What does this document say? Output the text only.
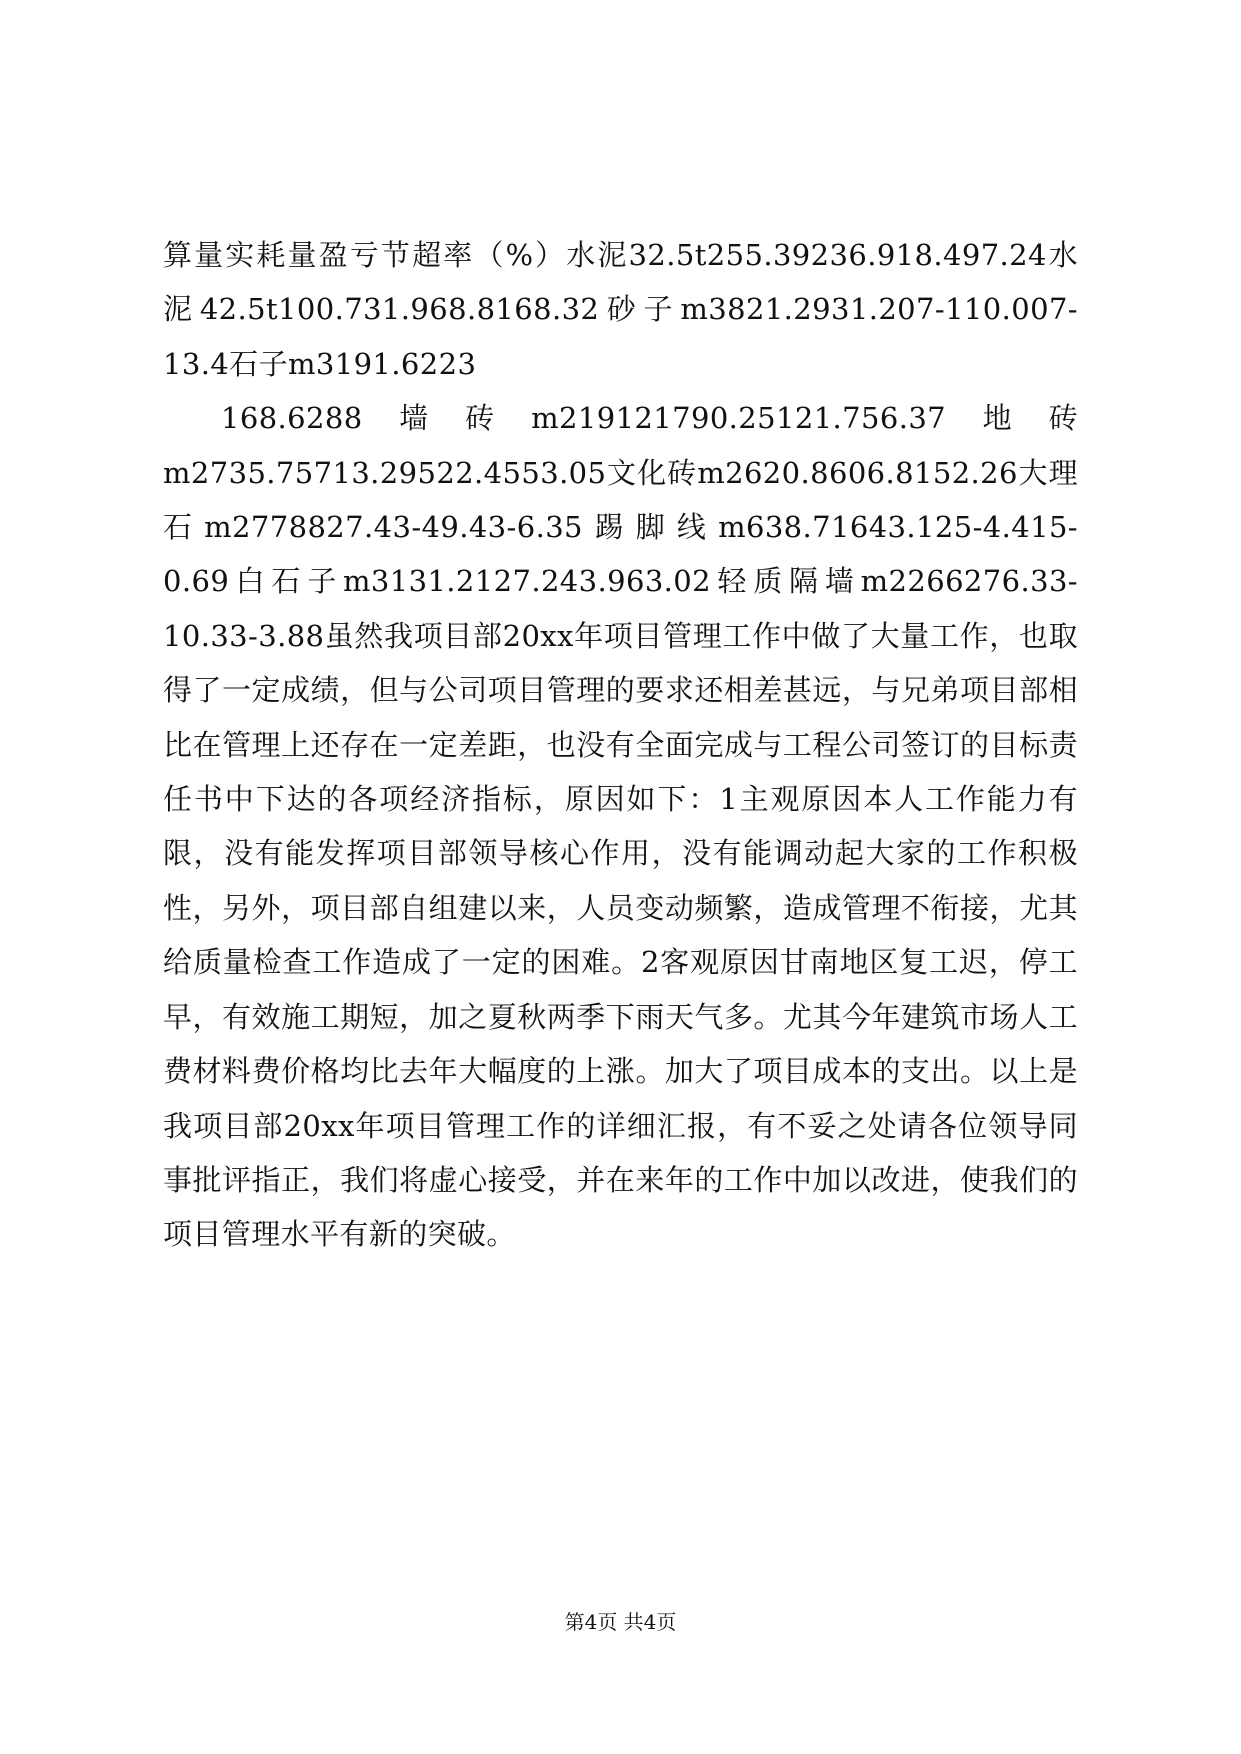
算量实耗量盈亏节超率（%）水泥32.5t255.39236.918.497.24水泥42.5t100.731.968.8168.32砂子m3821.2931.207-110.007-13.4石子m3191.6223

168.6288墙砖m219121790.25121.756.37地砖m2735.75713.29522.4553.05文化砖m2620.8606.8152.26大理石m2778827.43-49.43-6.35踢脚线m638.71643.125-4.415-0.69白石子m3131.2127.243.963.02轻质隔墙m2266276.33-10.33-3.88虽然我项目部20xx年项目管理工作中做了大量工作，也取得了一定成绩，但与公司项目管理的要求还相差甚远，与兄弟项目部相比在管理上还存在一定差距，也没有全面完成与工程公司签订的目标责任书中下达的各项经济指标，原因如下：1主观原因本人工作能力有限，没有能发挥项目部领导核心作用，没有能调动起大家的工作积极性，另外，项目部自组建以来，人员变动频繁，造成管理不衔接，尤其给质量检查工作造成了一定的困难。2客观原因甘南地区复工迟，停工早，有效施工期短，加之夏秋两季下雨天气多。尤其今年建筑市场人工费材料费价格均比去年大幅度的上涨。加大了项目成本的支出。以上是我项目部20xx年项目管理工作的详细汇报，有不妥之处请各位领导同事批评指正，我们将虚心接受，并在来年的工作中加以改进，使我们的项目管理水平有新的突破。

第4页 共4页
